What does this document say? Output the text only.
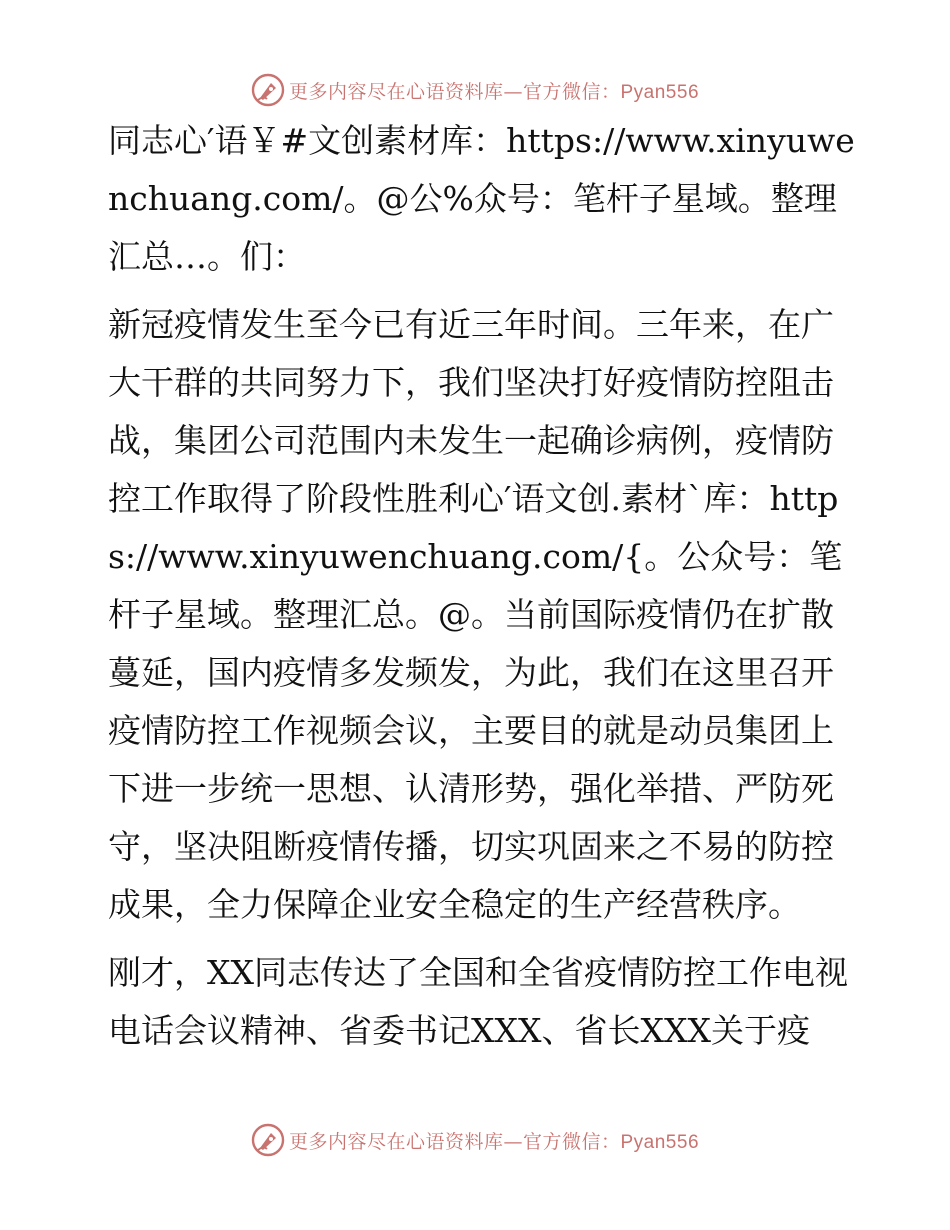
更多内容尽在心语资料库—官方微信：Pyan556

同志心′语￥#文创素材库：https://www.xinyuwenchuang.com/。@公%众号：笔杆子星域。整理汇总…。们：

新冠疫情发生至今已有近三年时间。三年来，在广大干群的共同努力下，我们坚决打好疫情防控阻击战，集团公司范围内未发生一起确诊病例，疫情防控工作取得了阶段性胜利心′语文创.素材`库：https://www.xinyuwenchuang.com/{。公众号：笔杆子星域。整理汇总。@。当前国际疫情仍在扩散蔓延，国内疫情多发频发，为此，我们在这里召开疫情防控工作视频会议，主要目的就是动员集团上下进一步统一思想、认清形势，强化举措、严防死守，坚决阻断疫情传播，切实巩固来之不易的防控成果，全力保障企业安全稳定的生产经营秩序。

刚才，XX同志传达了全国和全省疫情防控工作电视电话会议精神、省委书记XXX、省长XXX关于疫

更多内容尽在心语资料库—官方微信：Pyan556
